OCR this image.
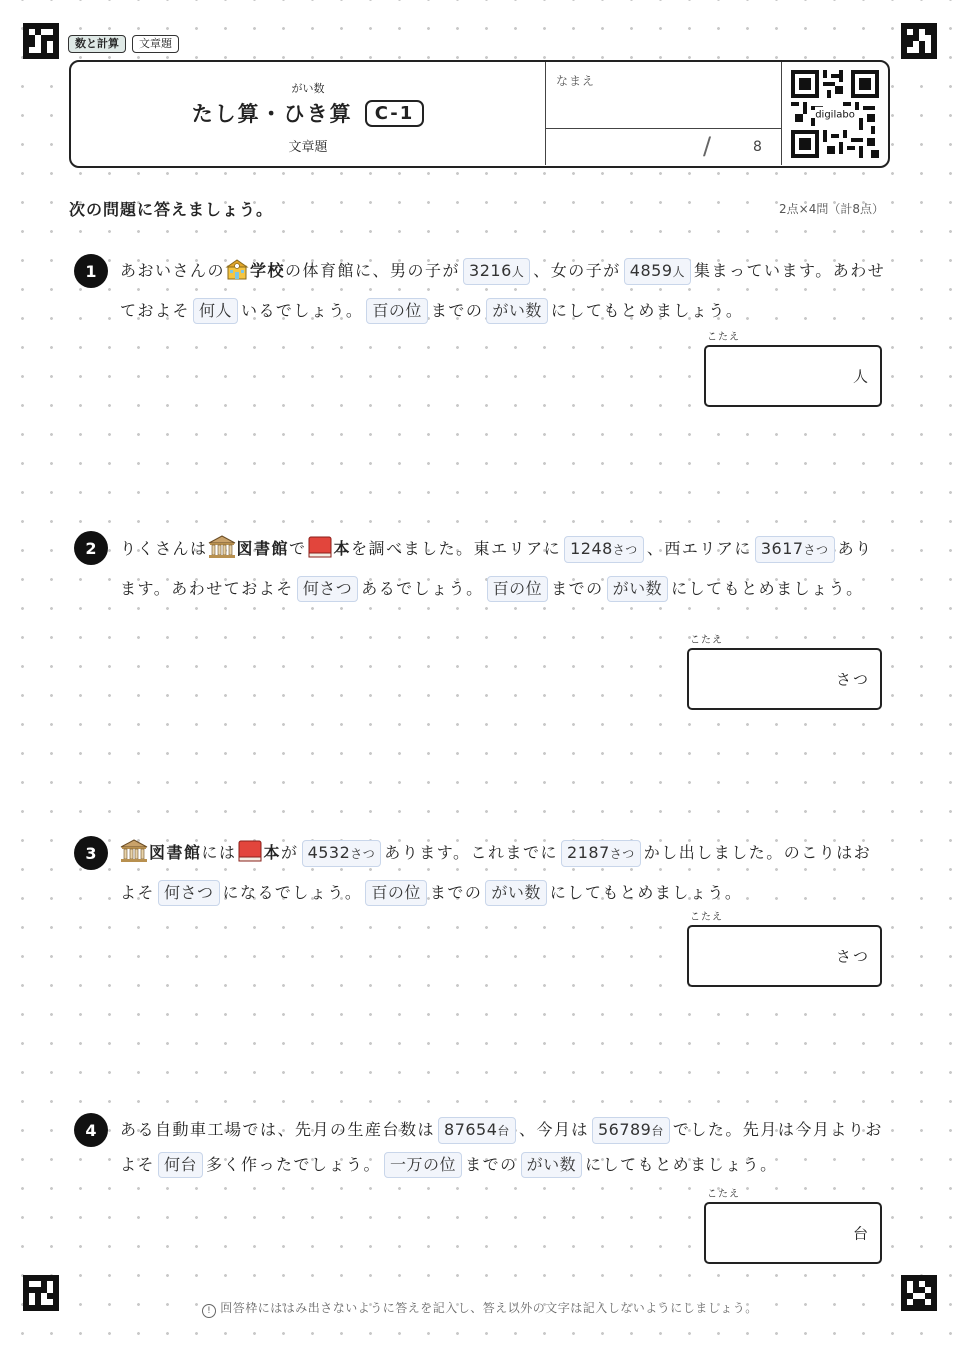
数と計算	文章題
がい数
たし算・ひき算	C-1
文章題
なまえ
/	8
digilabo
次の問題に答えましょう。	2点×4問（計8点）
1	あおいさんの 学校の体育館に、男の子が 3216人 、女の子が 4859人 集まっています。あわせておよそ 何人 いるでしょう。 百の位 までの がい数 にしてもとめましょう。
こたえ
人
2	りくさんは 図書館で 本を調べました。東エリアに 1248さつ 、西エリアに 3617さつ あります。あわせておよそ 何さつ あるでしょう。 百の位 までの がい数 にしてもとめましょう。
こたえ
さつ
3	図書館には 本が 4532さつ あります。これまでに 2187さつ かし出しました。のこりはおよそ 何さつ になるでしょう。 百の位 までの がい数 にしてもとめましょう。
こたえ
さつ
4	ある自動車工場では、先月の生産台数は 87654台 、今月は 56789台 でした。先月は今月よりおよそ 何台 多く作ったでしょう。 一万の位 までの がい数 にしてもとめましょう。
こたえ
台
! 回答枠にははみ出さないように答えを記入し、答え以外の文字は記入しないようにしましょう。
